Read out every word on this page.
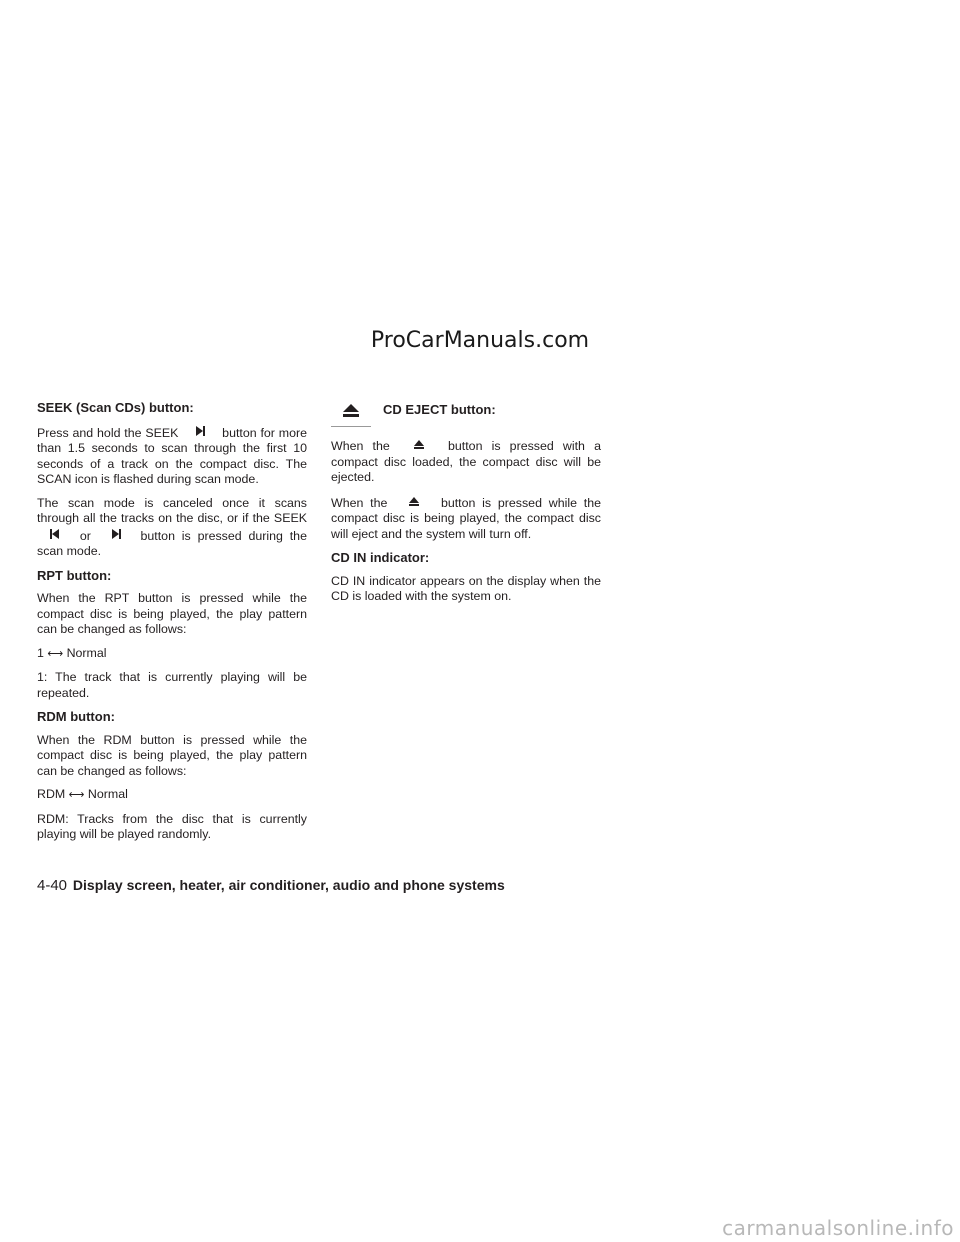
ProCarManuals.com
SEEK (Scan CDs) button:
Press and hold the SEEK	button for more than 1.5 seconds to scan through the first 10 seconds of a track on the compact disc. The SCAN icon is flashed during scan mode.
The scan mode is canceled once it scans through all the tracks on the disc, or if the SEEK  or	button is pressed during the scan mode.
RPT button:
When the RPT button is pressed while the compact disc is being played, the play pattern can be changed as follows:
1 ⟷ Normal
1: The track that is currently playing will be repeated.
RDM button:
When the RDM button is pressed while the compact disc is being played, the play pattern can be changed as follows:
RDM ⟷ Normal
RDM: Tracks from the disc that is currently playing will be played randomly.
CD EJECT button:
When the	button is pressed with a compact disc loaded, the compact disc will be ejected.
When the	button is pressed while the compact disc is being played, the compact disc will eject and the system will turn off.
CD IN indicator:
CD IN indicator appears on the display when the CD is loaded with the system on.
4-40 Display screen, heater, air conditioner, audio and phone systems
carmanualsonline.info
